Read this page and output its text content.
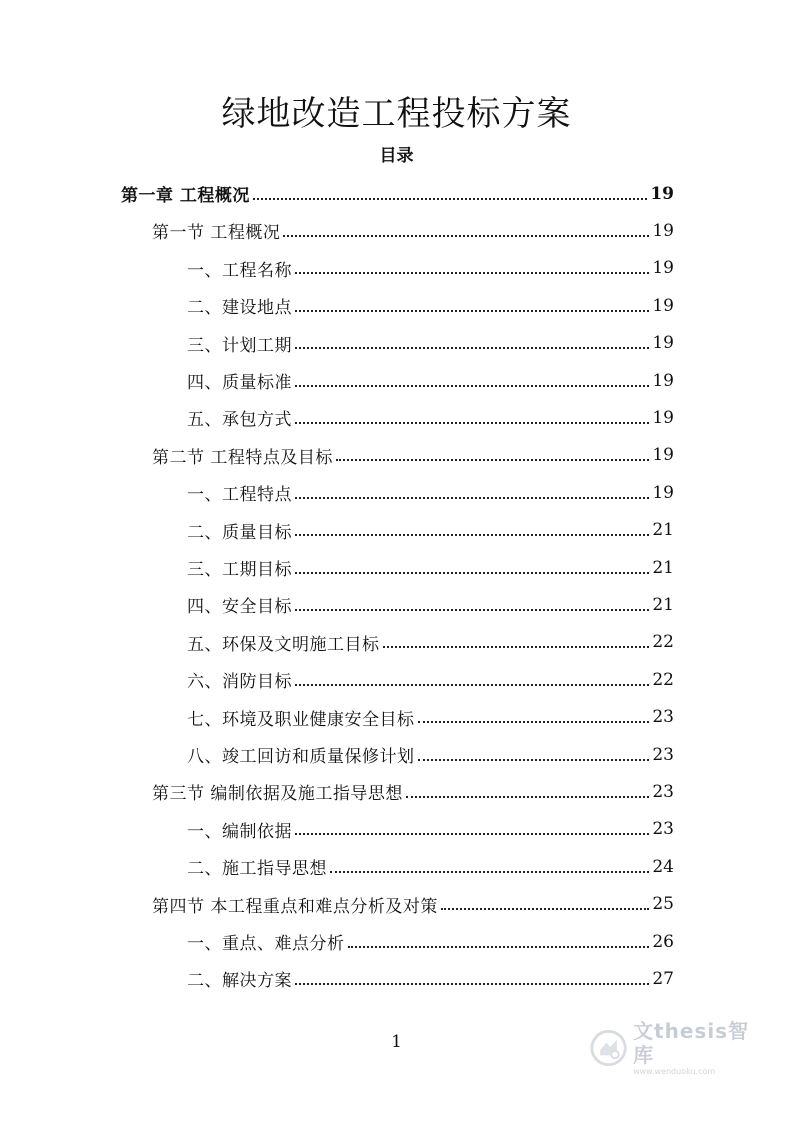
绿地改造工程投标方案
目录
第一章 工程概况	19
第一节 工程概况	19
一、工程名称	19
二、建设地点	19
三、计划工期	19
四、质量标准	19
五、承包方式	19
第二节 工程特点及目标	19
一、工程特点	19
二、质量目标	21
三、工期目标	21
四、安全目标	21
五、环保及文明施工目标	22
六、消防目标	22
七、环境及职业健康安全目标	23
八、竣工回访和质量保修计划	23
第三节 编制依据及施工指导思想	23
一、编制依据	23
二、施工指导思想	24
第四节 本工程重点和难点分析及对策	25
一、重点、难点分析	26
二、解决方案	27
1	文thesis智库
www.wenduoku.com
